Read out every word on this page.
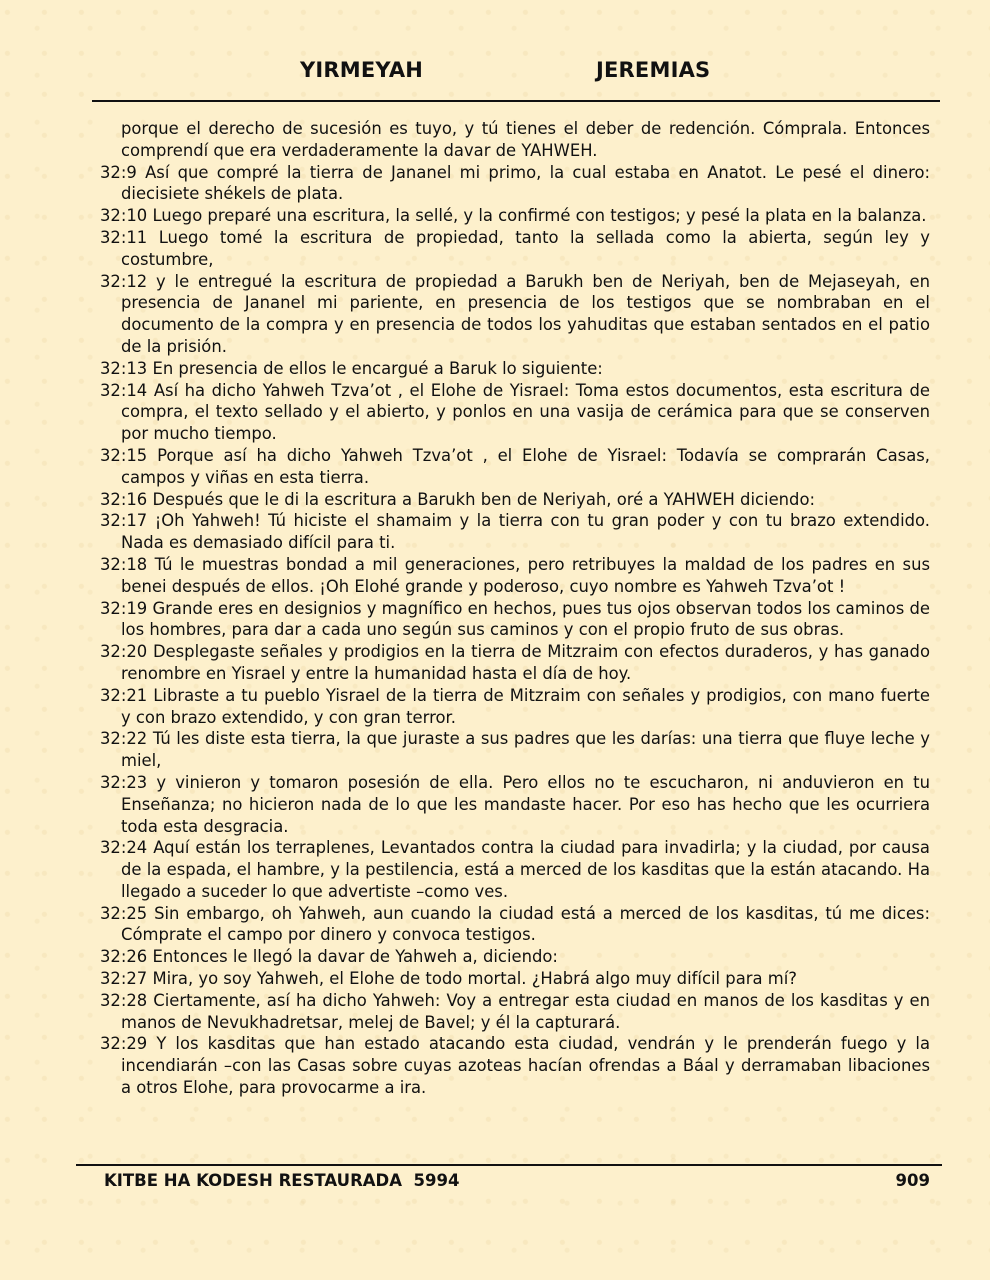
YIRMEYAH	JEREMIAS

porque el derecho de sucesión es tuyo, y tú tienes el deber de redención. Cómprala. Entonces comprendí que era verdaderamente la davar de YAHWEH.

32:9 Así que compré la tierra de Jananel mi primo, la cual estaba en Anatot. Le pesé el dinero: diecisiete shékels de plata.

32:10 Luego preparé una escritura, la sellé, y la confirmé con testigos; y pesé la plata en la balanza.

32:11 Luego tomé la escritura de propiedad, tanto la sellada como la abierta, según ley y costumbre,

32:12 y le entregué la escritura de propiedad a Barukh ben de Neriyah, ben de Mejaseyah, en presencia de Jananel mi pariente, en presencia de los testigos que se nombraban en el documento de la compra y en presencia de todos los yahuditas que estaban sentados en el patio de la prisión.

32:13 En presencia de ellos le encargué a Baruk lo siguiente:

32:14 Así ha dicho Yahweh Tzva’ot , el Elohe de Yisrael: Toma estos documentos, esta escritura de compra, el texto sellado y el abierto, y ponlos en una vasija de cerámica para que se conserven por mucho tiempo.

32:15 Porque así ha dicho Yahweh Tzva’ot , el Elohe de Yisrael: Todavía se comprarán Casas, campos y viñas en esta tierra.

32:16 Después que le di la escritura a Barukh ben de Neriyah, oré a YAHWEH diciendo:

32:17 ¡Oh Yahweh! Tú hiciste el shamaim y la tierra con tu gran poder y con tu brazo extendido. Nada es demasiado difícil para ti.

32:18 Tú le muestras bondad a mil generaciones, pero retribuyes la maldad de los padres en sus benei después de ellos. ¡Oh Elohé grande y poderoso, cuyo nombre es Yahweh Tzva’ot !

32:19 Grande eres en designios y magnífico en hechos, pues tus ojos observan todos los caminos de los hombres, para dar a cada uno según sus caminos y con el propio fruto de sus obras.

32:20 Desplegaste señales y prodigios en la tierra de Mitzraim con efectos duraderos, y has ganado renombre en Yisrael y entre la humanidad hasta el día de hoy.

32:21 Libraste a tu pueblo Yisrael de la tierra de Mitzraim con señales y prodigios, con mano fuerte y con brazo extendido, y con gran terror.

32:22 Tú les diste esta tierra, la que juraste a sus padres que les darías: una tierra que fluye leche y miel,

32:23 y vinieron y tomaron posesión de ella. Pero ellos no te escucharon, ni anduvieron en tu Enseñanza; no hicieron nada de lo que les mandaste hacer. Por eso has hecho que les ocurriera toda esta desgracia.

32:24 Aquí están los terraplenes, Levantados contra la ciudad para invadirla; y la ciudad, por causa de la espada, el hambre, y la pestilencia, está a merced de los kasditas que la están atacando. Ha llegado a suceder lo que advertiste –como ves.

32:25 Sin embargo, oh Yahweh, aun cuando la ciudad está a merced de los kasditas, tú me dices: Cómprate el campo por dinero y convoca testigos.

32:26 Entonces le llegó la davar de Yahweh a, diciendo:

32:27 Mira, yo soy Yahweh, el Elohe de todo mortal. ¿Habrá algo muy difícil para mí?

32:28 Ciertamente, así ha dicho Yahweh: Voy a entregar esta ciudad en manos de los kasditas y en manos de Nevukhadretsar, melej de Bavel; y él la capturará.

32:29 Y los kasditas que han estado atacando esta ciudad, vendrán y le prenderán fuego y la incendiarán –con las Casas sobre cuyas azoteas hacían ofrendas a Báal y derramaban libaciones a otros Elohe, para provocarme a ira.

KITBE HA KODESH RESTAURADA  5994	909
